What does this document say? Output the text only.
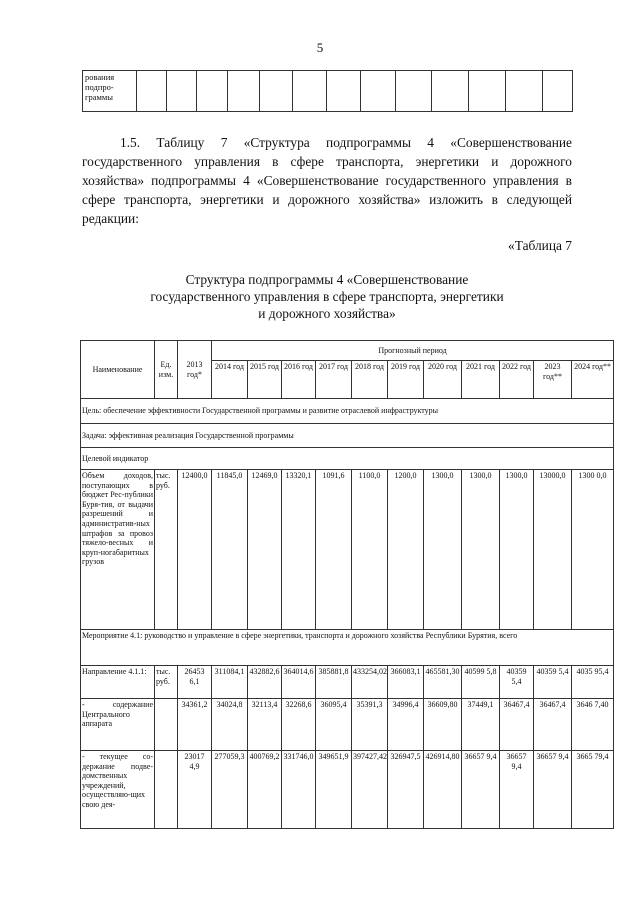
5
рования подпро-граммы													

1.5. Таблицу 7 «Структура подпрограммы 4 «Совершенствование государственного управления в сфере транспорта, энергетики и дорожного хозяйства» подпрограммы 4 «Совершенствование государственного управления в сфере транспорта, энергетики и дорожного хозяйства» изложить в следующей редакции:

«Таблица 7
Структура подпрограммы 4 «Совершенствование
государственного управления в сфере транспорта, энергетики
и дорожного хозяйства»
Наименование	Ед. изм.	2013 год*	Прогнозный период										
			2014 год	2015 год	2016 год	2017 год	2018 год	2019 год	2020 год	2021 год	2022 год	2023 год**	2024 год**
Цель: обеспечение эффективности Государственной программы и развитие отраслевой инфраструктуры													
Задача: эффективная реализация Государственной программы													
Целевой индикатор													
Объем доходов, поступающих в бюджет Рес-публики Буря-тия, от выдачи разрешений и административ-ных штрафов за провоз тяжело-весных и круп-ногабаритных грузов	тыс. руб.	12400,0	11845,0	12469,0	13320,1	1091,6	1100,0	1200,0	1300,0	1300,0	1300,0	13000,0	1300 0,0
Мероприятие 4.1: руководство и управление в сфере энергетики, транспорта и дорожного хозяйства Республики Бурятия, всего													
Направление 4.1.1:	тыс. руб.	26453 6,1	311084,1	432882,6	364014,6	385881,8	433254,02	366083,1	465581,30	40599 5,8	40359 5,4	40359 5,4	4035 95,4
- содержание Центрального аппарата		34361,2	34024,8	32113,4	32268,6	36095,4	35391,3	34996,4	36609,80	37449,1	36467,4	36467,4	3646 7,40
- текущее со-держание подве-домственных учреждений, осуществляю-щих свою дея-		23017 4,9	277059,3	400769,2	331746,0	349651,9	397427,42	326947,5	426914,80	36657 9,4	36657 9,4	36657 9,4	3665 79,4
